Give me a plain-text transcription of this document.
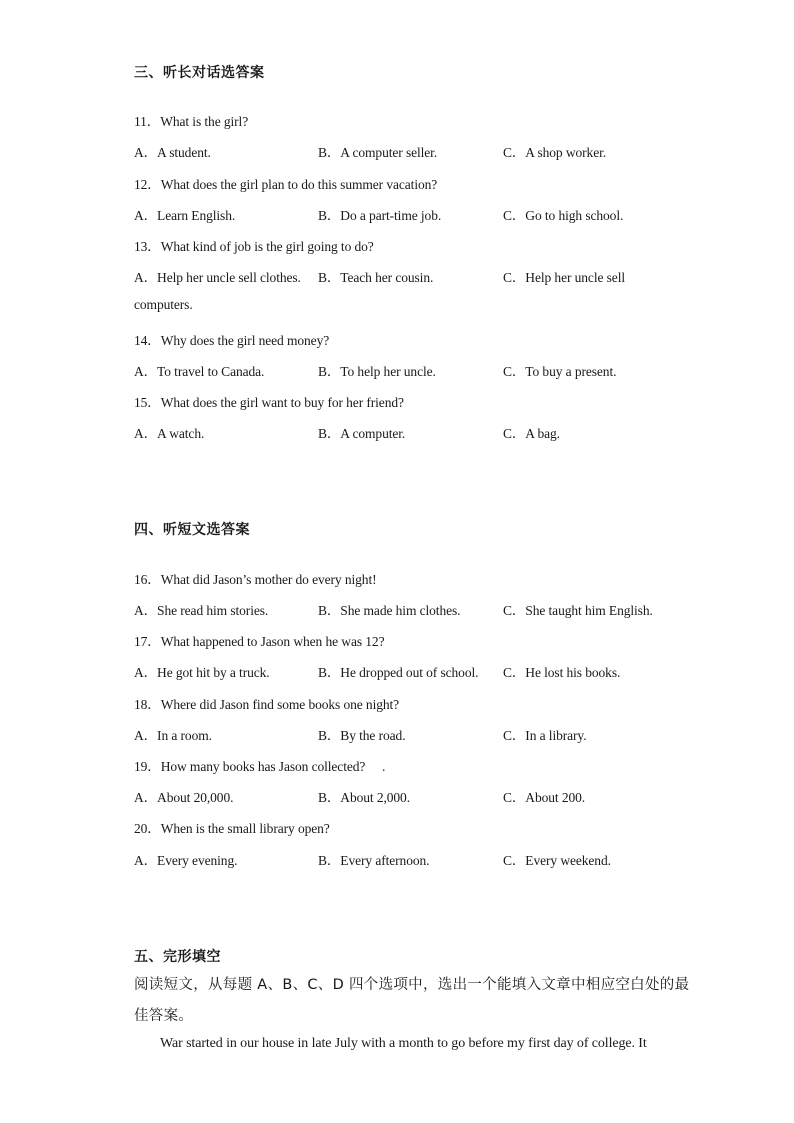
三、听长对话选答案
11．What is the girl?
A．A student.	B．A computer seller.	C．A shop worker.
12．What does the girl plan to do this summer vacation?
A．Learn English.	B．Do a part-time job.	C．Go to high school.
13．What kind of job is the girl going to do?
A．Help her uncle sell clothes. B．Teach her cousin.	C．Help her uncle sell
computers.
14．Why does the girl need money?
A．To travel to Canada.	B．To help her uncle.	C．To buy a present.
15．What does the girl want to buy for her friend?
A．A watch.	B．A computer.	C．A bag.
四、听短文选答案
16．What did Jason’s mother do every night!
A．She read him stories.	B．She made him clothes.	C．She taught him English.
17．What happened to Jason when he was 12?
A．He got hit by a truck.	B．He dropped out of school. C．He lost his books.
18．Where did Jason find some books one night?
A．In a room.	B．By the road.	C．In a library.
19．How many books has Jason collected?　 .
A．About 20,000.	B．About 2,000.	C．About 200.
20．When is the small library open?
A．Every evening.	B．Every afternoon.	C．Every weekend.
五、完形填空
阅读短文，从每题 A、B、C、D 四个选项中，选出一个能填入文章中相应空白处的最
佳答案。
War started in our house in late July with a month to go before my first day of college. It
